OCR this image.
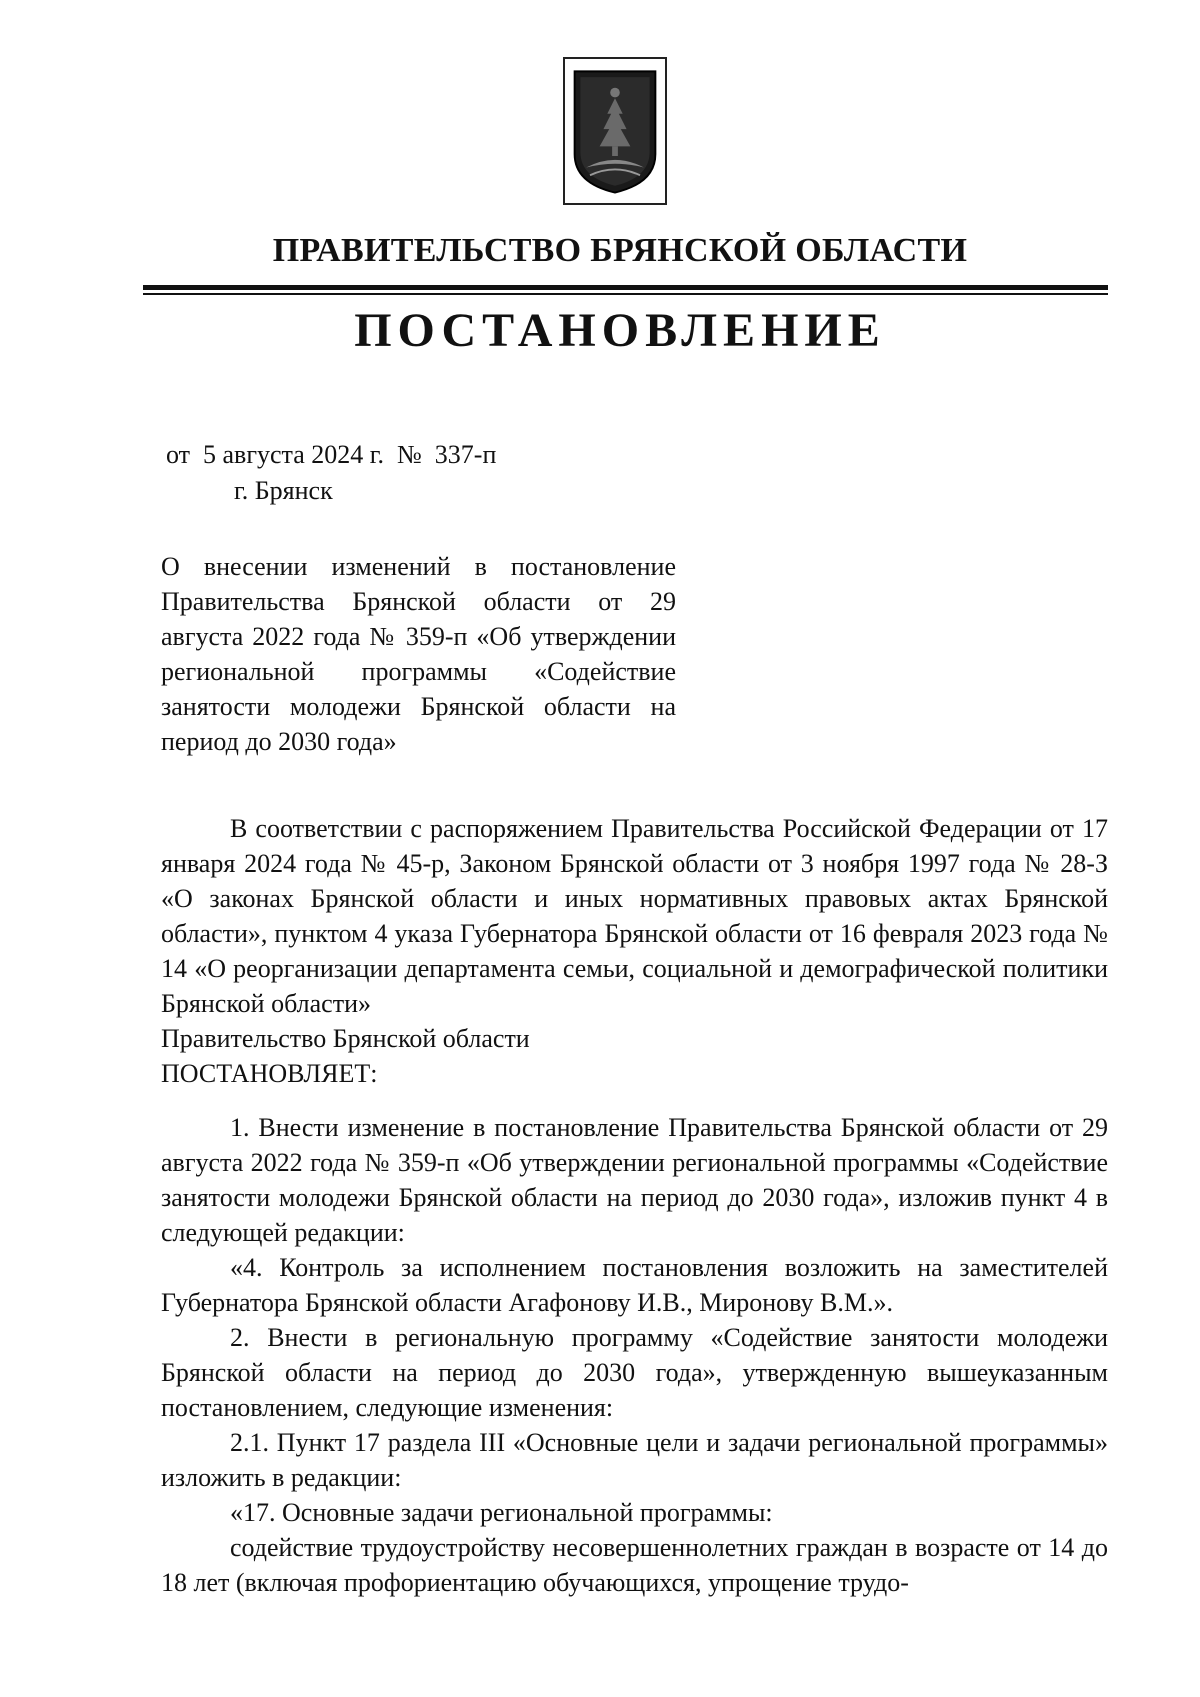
ПРАВИТЕЛЬСТВО БРЯНСКОЙ ОБЛАСТИ
ПОСТАНОВЛЕНИЕ
от  5 августа 2024 г.  №  337-п
г. Брянск
О внесении изменений в постановление Правительства Брянской области от 29 августа 2022 года № 359-п «Об утверждении региональной программы «Содействие занятости молодежи Брянской области на период до 2030 года»

В соответствии с распоряжением Правительства Российской Федерации от 17 января 2024 года № 45-р, Законом Брянской области от 3 ноября 1997 года № 28-З «О законах Брянской области и иных нормативных правовых актах Брянской области», пунктом 4 указа Губернатора Брянской области от 16 февраля 2023 года № 14 «О реорганизации департамента семьи, социальной и демографической политики Брянской области»

Правительство Брянской области

ПОСТАНОВЛЯЕТ:

1. Внести изменение в постановление Правительства Брянской области от 29 августа 2022 года № 359-п «Об утверждении региональной программы «Содействие занятости молодежи Брянской области на период до 2030 года», изложив пункт 4 в следующей редакции:

«4. Контроль за исполнением постановления возложить на заместителей Губернатора Брянской области Агафонову И.В., Миронову В.М.».

2. Внести в региональную программу «Содействие занятости молодежи Брянской области на период до 2030 года», утвержденную вышеуказанным постановлением, следующие изменения:

2.1. Пункт 17 раздела III «Основные цели и задачи региональной программы» изложить в редакции:

«17. Основные задачи региональной программы:

содействие трудоустройству несовершеннолетних граждан в возрасте от 14 до 18 лет (включая профориентацию обучающихся, упрощение трудо-
